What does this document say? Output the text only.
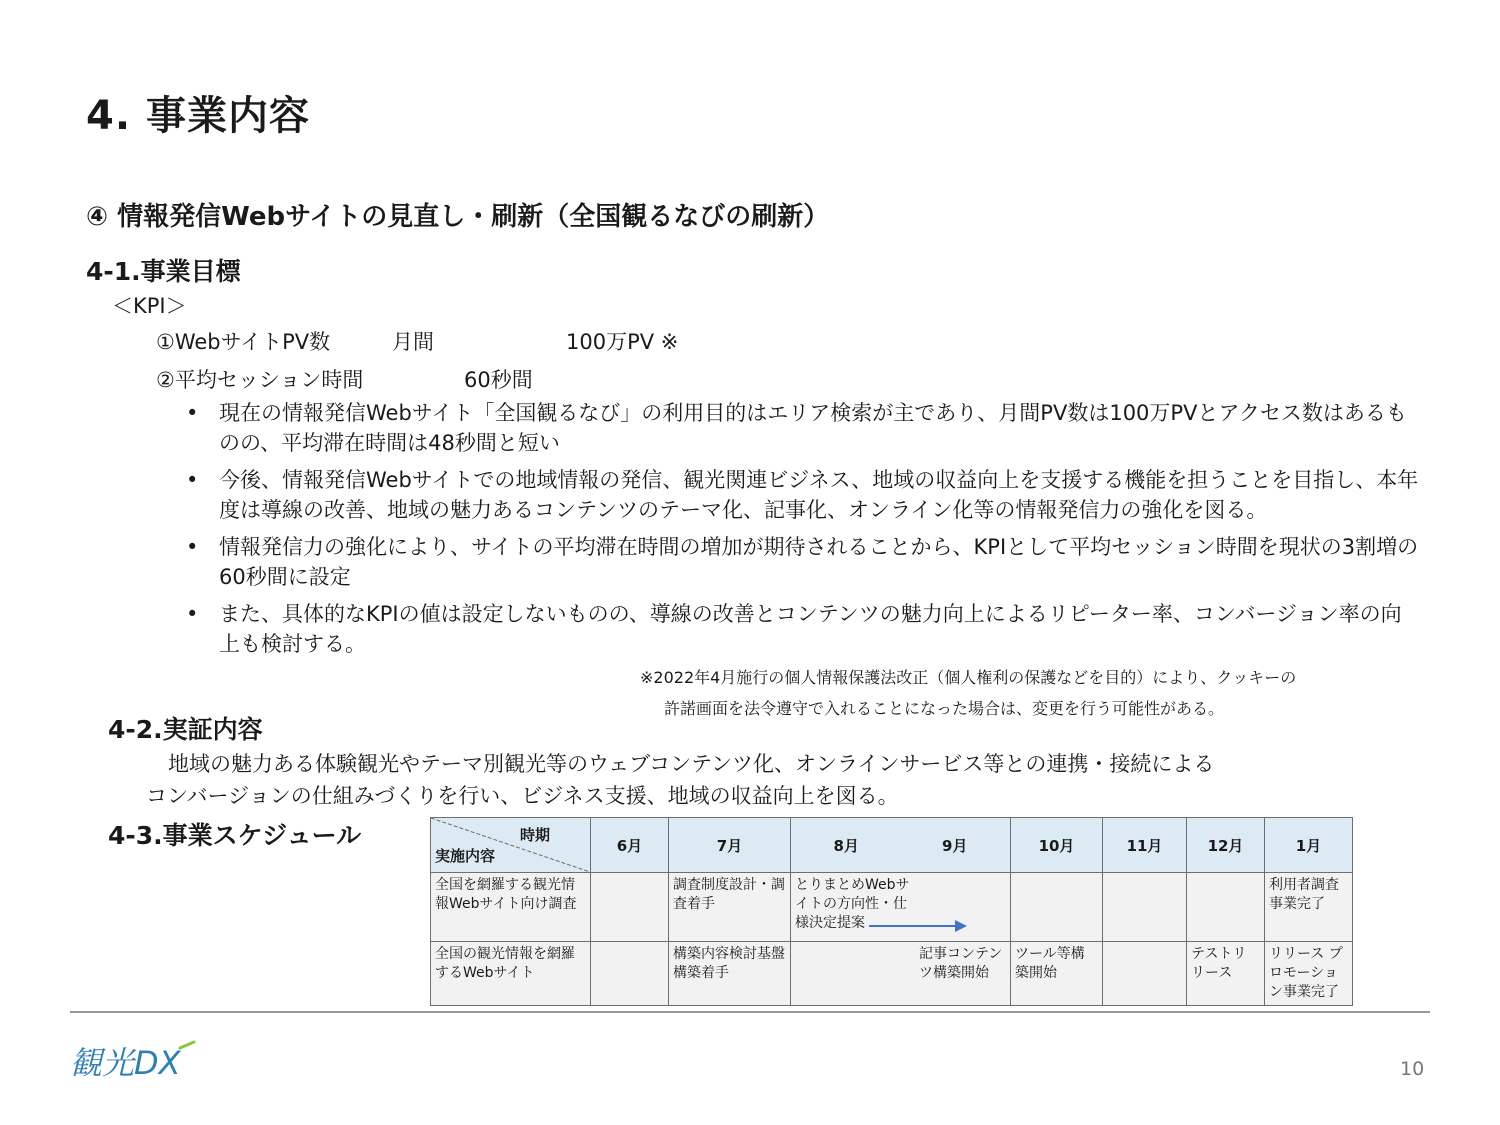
4. 事業内容
④ 情報発信Webサイトの見直し・刷新（全国観るなびの刷新）
4-1.事業目標
＜KPI＞
①WebサイトPV数	月間	100万PV ※
②平均セッション時間	60秒間
• 現在の情報発信Webサイト「全国観るなび」の利用目的はエリア検索が主であり、月間PV数は100万PVとアクセス数はあるものの、平均滞在時間は48秒間と短い
• 今後、情報発信Webサイトでの地域情報の発信、観光関連ビジネス、地域の収益向上を支援する機能を担うことを目指し、本年度は導線の改善、地域の魅力あるコンテンツのテーマ化、記事化、オンライン化等の情報発信力の強化を図る。
• 情報発信力の強化により、サイトの平均滞在時間の増加が期待されることから、KPIとして平均セッション時間を現状の3割増の60秒間に設定
• また、具体的なKPIの値は設定しないものの、導線の改善とコンテンツの魅力向上によるリピーター率、コンバージョン率の向上も検討する。
※2022年4月施行の個人情報保護法改正（個人権利の保護などを目的）により、クッキーの
許諾画面を法令遵守で入れることになった場合は、変更を行う可能性がある。
4-2.実証内容
地域の魅力ある体験観光やテーマ別観光等のウェブコンテンツ化、オンラインサービス等との連携・接続による
コンバージョンの仕組みづくりを行い、ビジネス支援、地域の収益向上を図る。
4-3.事業スケジュール	時期
実施内容	6月	7月	8月 9月	10月	11月	12月	1月
全国を網羅する観光情報Webサイト向け調査		調査制度設計・調査着手	とりまとめWebサイトの方向性・仕様決定提案				利用者調査事業完了
全国の観光情報を網羅するWebサイト		構築内容検討基盤構築着手	記事コンテンツ構築開始	ツール等構築開始		テストリリース	リリース プロモーション事業完了
観光DX	10
